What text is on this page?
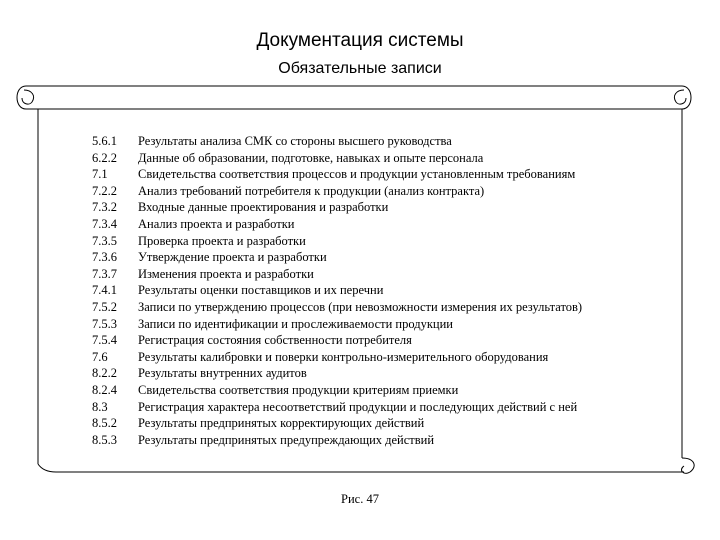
Документация системы
Обязательные записи
5.6.1	Результаты анализа СМК со стороны высшего руководства
6.2.2	Данные об образовании, подготовке, навыках и опыте персонала
7.1	Свидетельства соответствия процессов и продукции установленным требованиям
7.2.2	Анализ требований потребителя к продукции (анализ контракта)
7.3.2	Входные данные проектирования и разработки
7.3.4	Анализ проекта и разработки
7.3.5	Проверка проекта и разработки
7.3.6	Утверждение проекта и разработки
7.3.7	Изменения проекта и разработки
7.4.1	Результаты оценки поставщиков и их перечни
7.5.2	Записи по утверждению процессов (при невозможности измерения их результатов)
7.5.3	Записи по идентификации и прослеживаемости продукции
7.5.4	Регистрация состояния собственности потребителя
7.6	Результаты калибровки и поверки контрольно-измерительного оборудования
8.2.2	Результаты внутренних аудитов
8.2.4	Свидетельства соответствия продукции критериям приемки
8.3	Регистрация характера несоответствий продукции и последующих действий с ней
8.5.2	Результаты предпринятых корректирующих действий
8.5.3	Результаты предпринятых предупреждающих действий
Рис. 47
